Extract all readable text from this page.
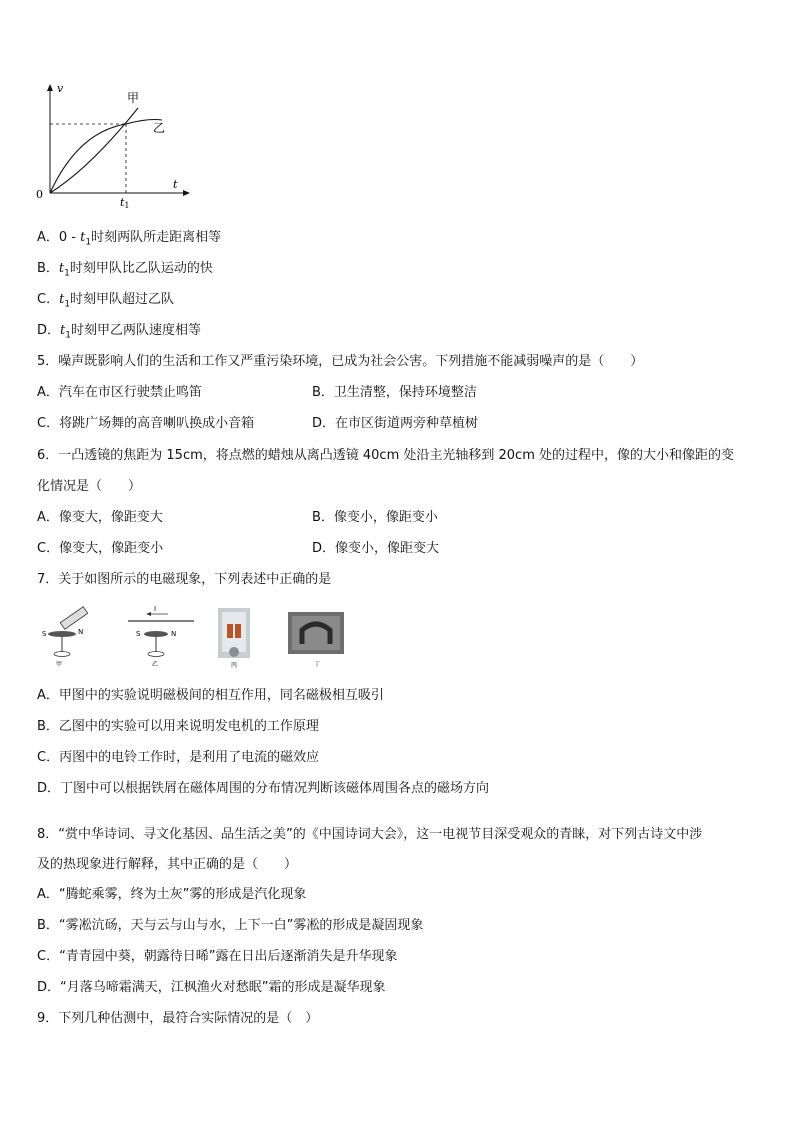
v
t
0
甲
乙
t1
A．$0 - t_1$时刻两队所走距离相等
B．$t_1$时刻甲队比乙队运动的快
C．$t_1$时刻甲队超过乙队
D．$t_1$时刻甲乙两队速度相等
5．噪声既影响人们的生活和工作又严重污染环境，已成为社会公害。下列措施不能减弱噪声的是（　　）
A．汽车在市区行驶禁止鸣笛	B．卫生清整，保持环境整洁
C．将跳广场舞的高音喇叭换成小音箱	D．在市区街道两旁种草植树
6．一凸透镜的焦距为 15cm，将点燃的蜡烛从离凸透镜 40cm 处沿主光轴移到 20cm 处的过程中，像的大小和像距的变
化情况是（　　）
A．像变大，像距变大	B．像变小，像距变小
C．像变大，像距变小	D．像变小，像距变大
7．关于如图所示的电磁现象，下列表述中正确的是
S	N
甲
I
S	N
乙	丙	丁
A．甲图中的实验说明磁极间的相互作用，同名磁极相互吸引
B．乙图中的实验可以用来说明发电机的工作原理
C．丙图中的电铃工作时，是利用了电流的磁效应
D．丁图中可以根据铁屑在磁体周围的分布情况判断该磁体周围各点的磁场方向
8．“赏中华诗词、寻文化基因、品生活之美”的《中国诗词大会》，这一电视节目深受观众的青睐，对下列古诗文中涉
及的热现象进行解释，其中正确的是（　　）
A．“腾蛇乘雾，终为土灰”雾的形成是汽化现象
B．“雾凇沆砀，天与云与山与水，上下一白”雾凇的形成是凝固现象
C．“青青园中葵，朝露待日晞”露在日出后逐渐消失是升华现象
D．“月落乌啼霜满天，江枫渔火对愁眠”霜的形成是凝华现象
9．下列几种估测中，最符合实际情况的是（　）
